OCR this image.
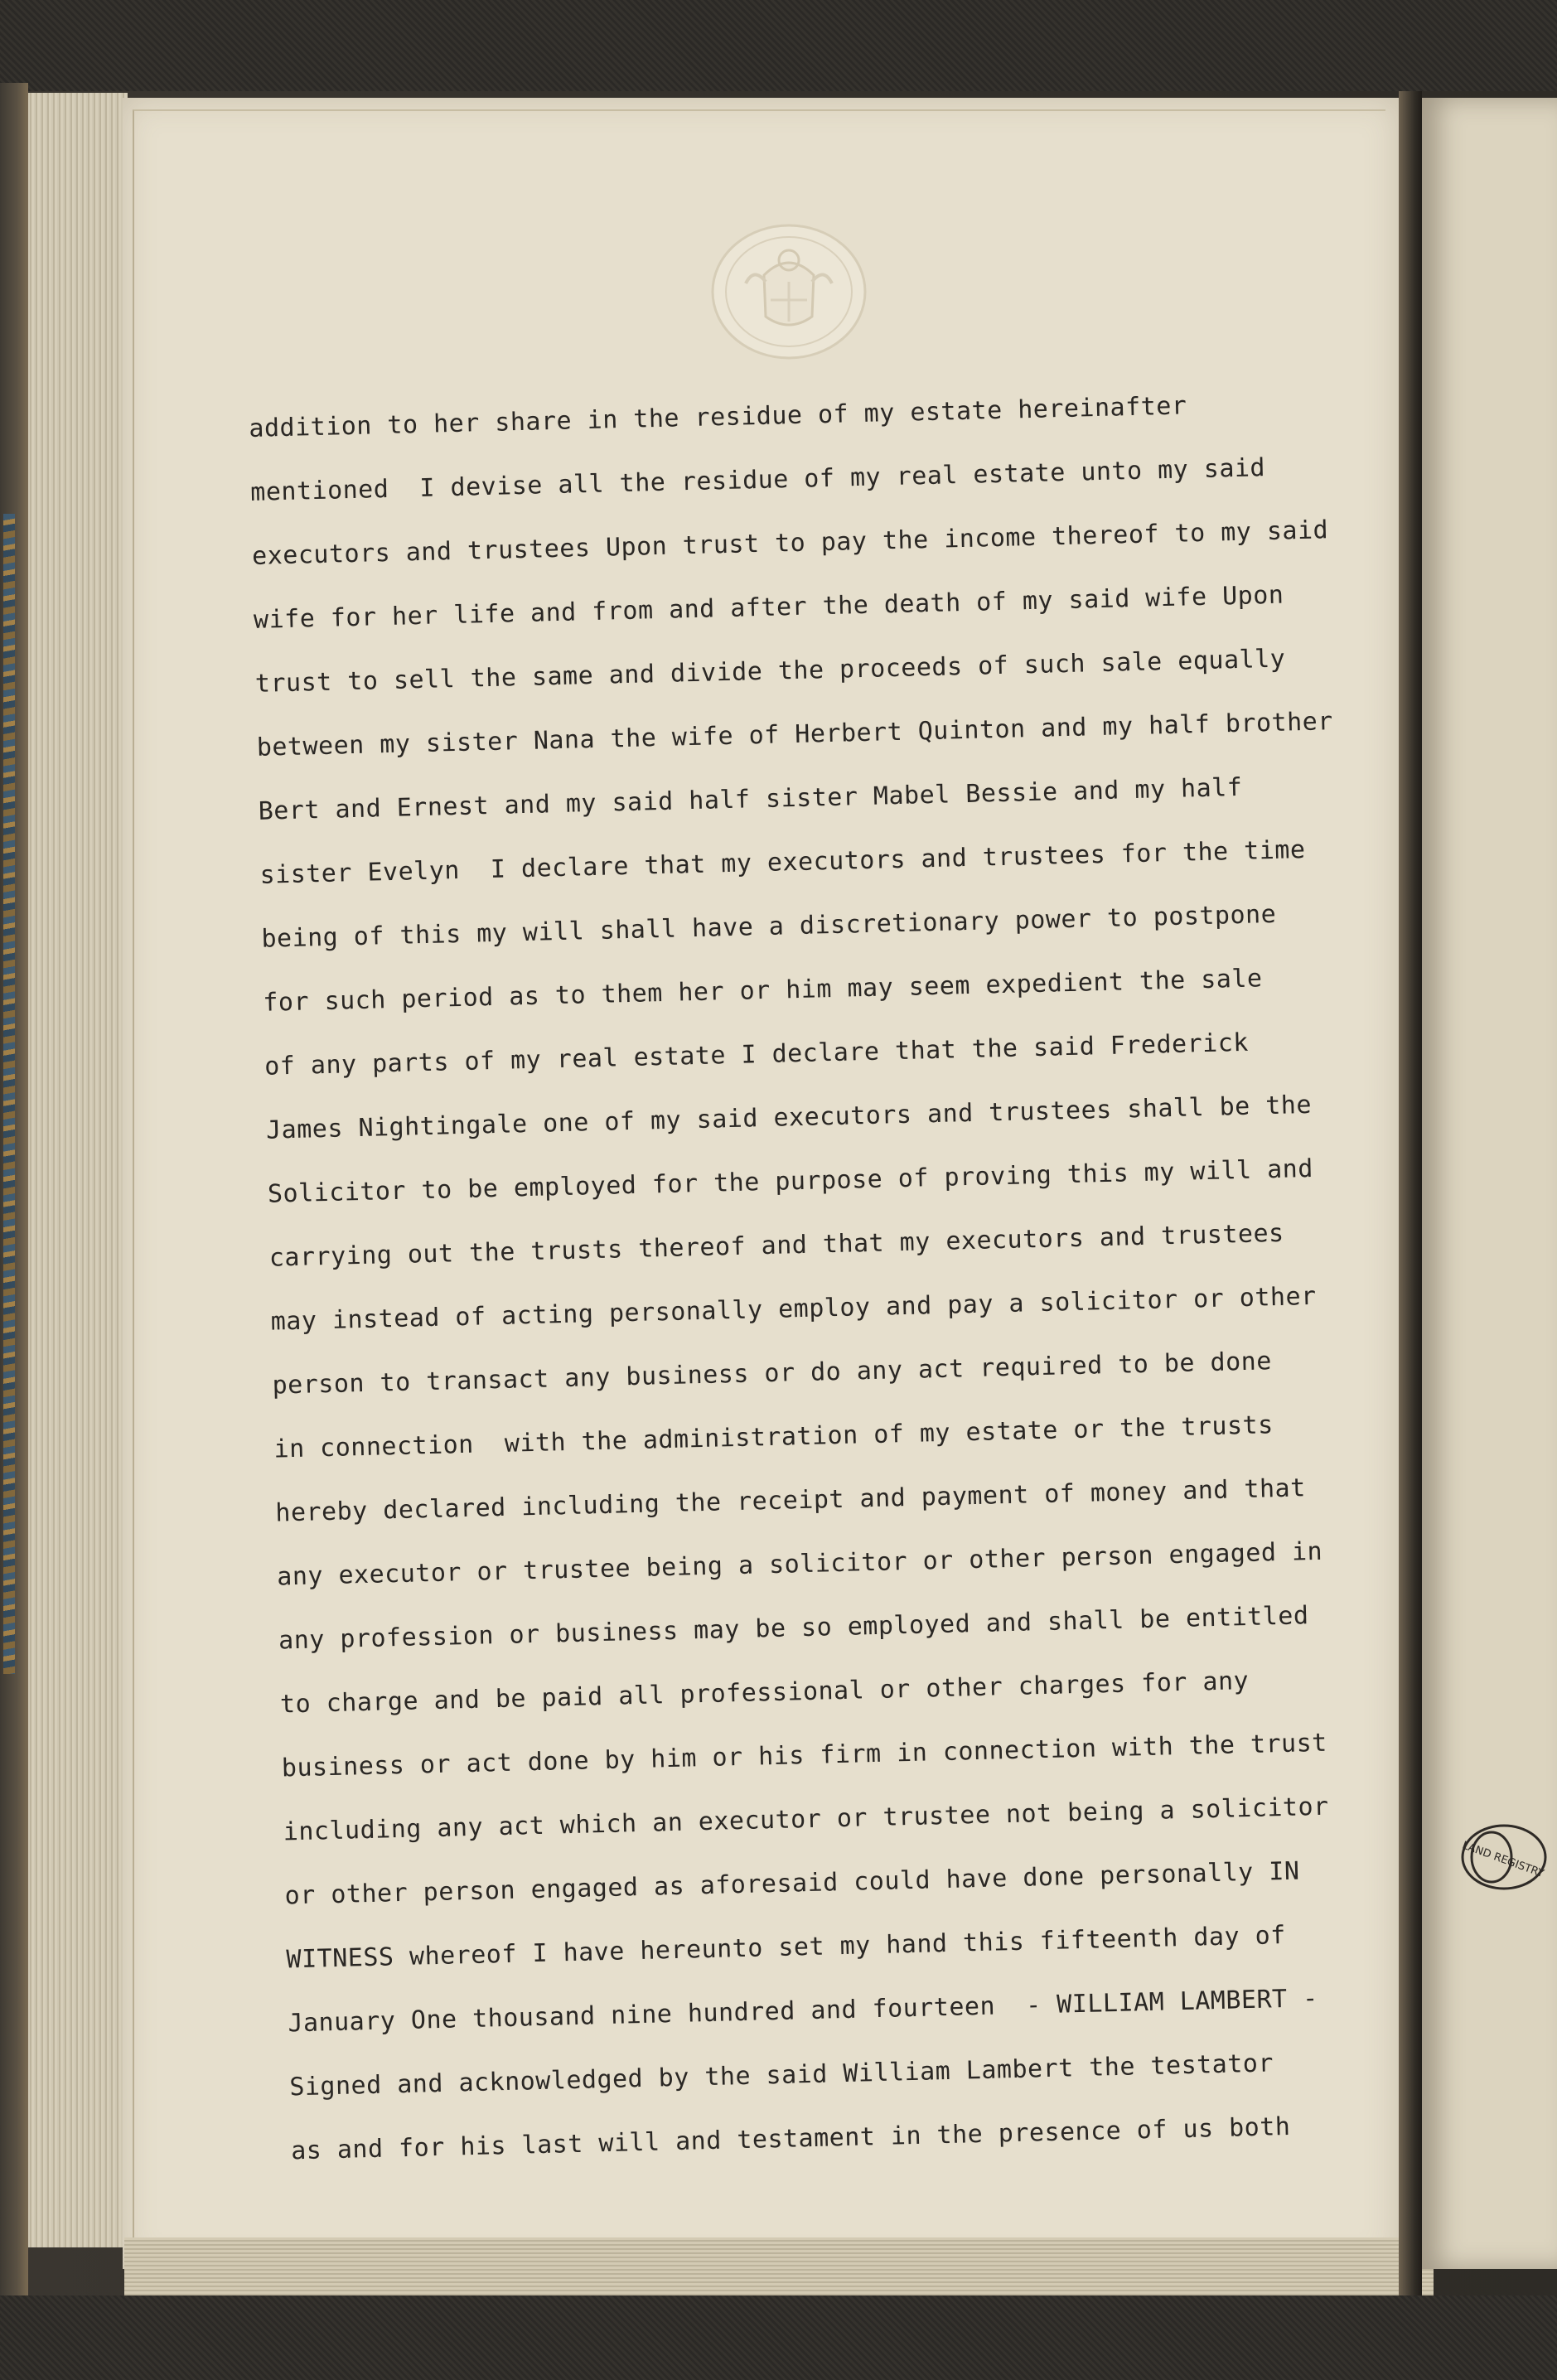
LAND REGISTRY
addition to her share in the residue of my estate hereinafter
mentioned  I devise all the residue of my real estate unto my said
executors and trustees Upon trust to pay the income thereof to my said
wife for her life and from and after the death of my said wife Upon
trust to sell the same and divide the proceeds of such sale equally
between my sister Nana the wife of Herbert Quinton and my half brother
Bert and Ernest and my said half sister Mabel Bessie and my half
sister Evelyn  I declare that my executors and trustees for the time
being of this my will shall have a discretionary power to postpone
for such period as to them her or him may seem expedient the sale
of any parts of my real estate I declare that the said Frederick
James Nightingale one of my said executors and trustees shall be the
Solicitor to be employed for the purpose of proving this my will and
carrying out the trusts thereof and that my executors and trustees
may instead of acting personally employ and pay a solicitor or other
person to transact any business or do any act required to be done
in connection  with the administration of my estate or the trusts
hereby declared including the receipt and payment of money and that
any executor or trustee being a solicitor or other person engaged in
any profession or business may be so employed and shall be entitled
to charge and be paid all professional or other charges for any
business or act done by him or his firm in connection with the trust
including any act which an executor or trustee not being a solicitor
or other person engaged as aforesaid could have done personally IN
WITNESS whereof I have hereunto set my hand this fifteenth day of
January One thousand nine hundred and fourteen  - WILLIAM LAMBERT -
Signed and acknowledged by the said William Lambert the testator
as and for his last will and testament in the presence of us both
